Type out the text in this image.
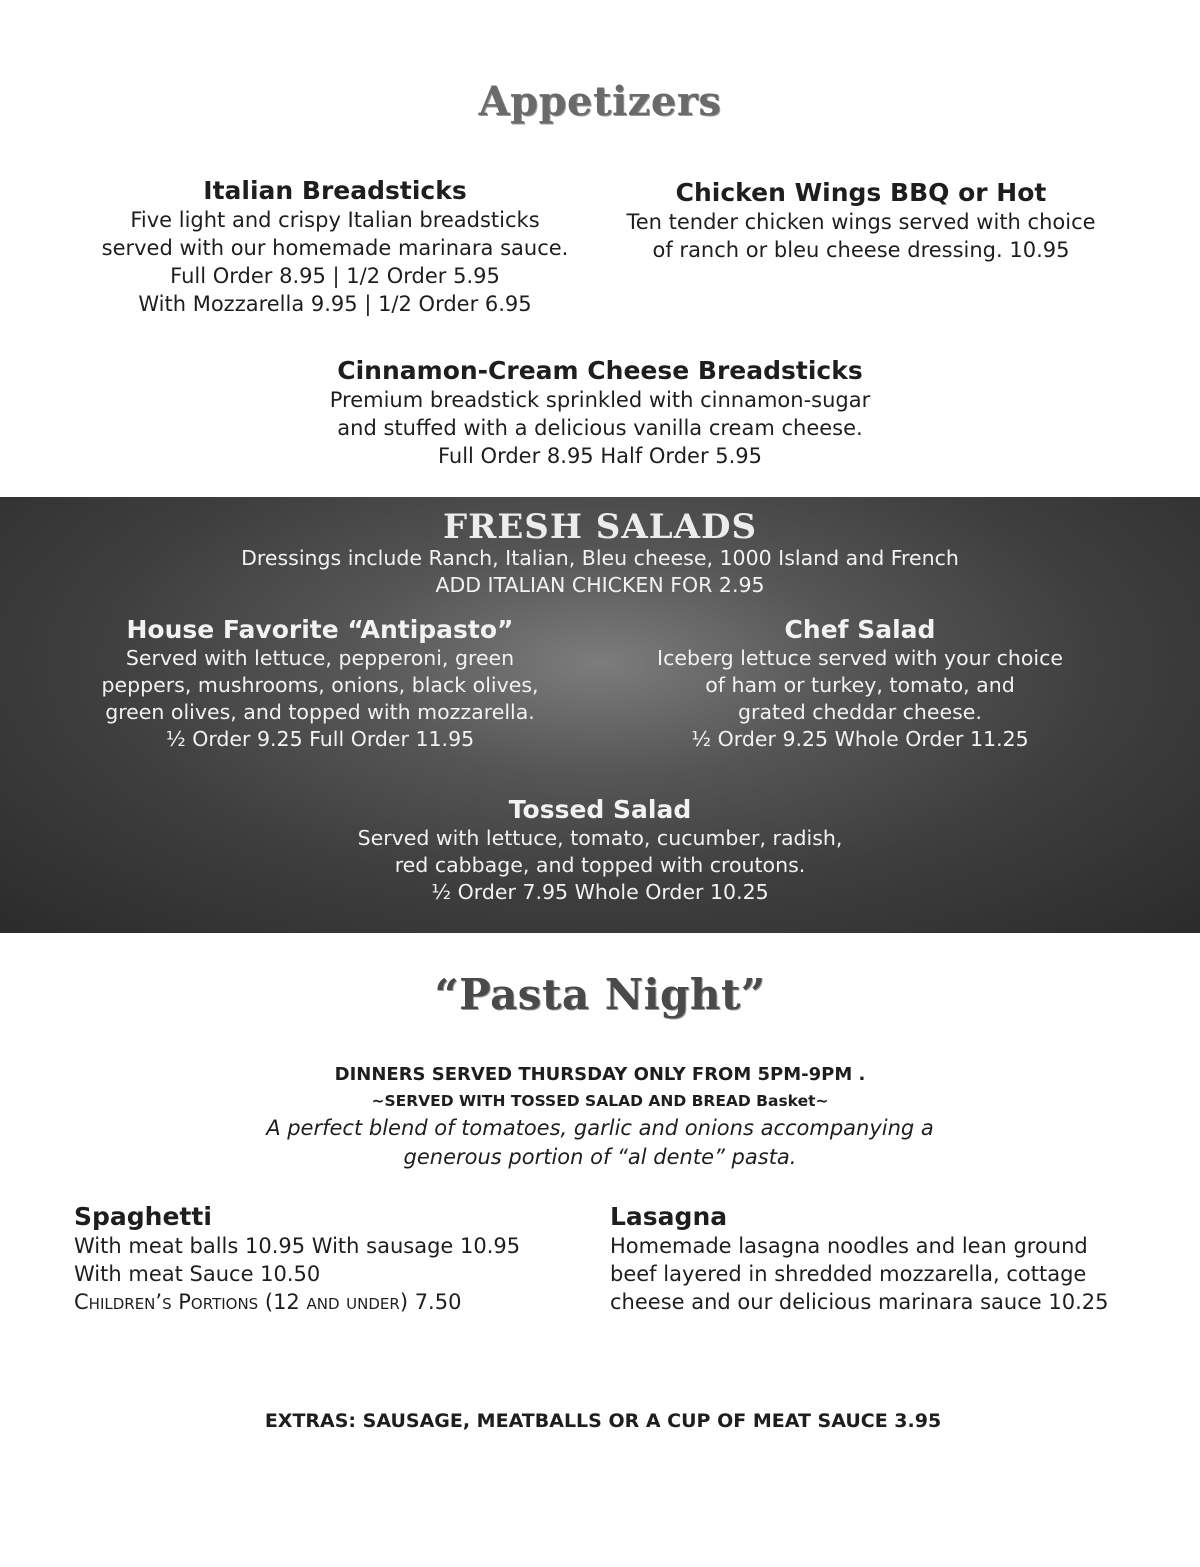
Appetizers
Italian Breadsticks
Five light and crispy Italian breadsticks
served with our homemade marinara sauce.
Full Order 8.95 | 1/2 Order 5.95
With Mozzarella 9.95 | 1/2 Order 6.95
Chicken Wings BBQ or Hot
Ten tender chicken wings served with choice
of ranch or bleu cheese dressing. 10.95
Cinnamon-Cream Cheese Breadsticks
Premium breadstick sprinkled with cinnamon-sugar
and stuffed with a delicious vanilla cream cheese.
Full Order 8.95 Half Order 5.95
FRESH SALADS
Dressings include Ranch, Italian, Bleu cheese, 1000 Island and French
ADD ITALIAN CHICKEN FOR 2.95
House Favorite “Antipasto”
Served with lettuce, pepperoni, green
peppers, mushrooms, onions, black olives,
green olives, and topped with mozzarella.
½ Order 9.25 Full Order 11.95
Chef Salad
Iceberg lettuce served with your choice
of ham or turkey, tomato, and
grated cheddar cheese.
½ Order 9.25 Whole Order 11.25
Tossed Salad
Served with lettuce, tomato, cucumber, radish,
red cabbage, and topped with croutons.
½ Order 7.95 Whole Order 10.25
“Pasta Night”
DINNERS SERVED THURSDAY ONLY FROM 5PM-9PM .
~SERVED WITH TOSSED SALAD AND BREAD Basket~
A perfect blend of tomatoes, garlic and onions accompanying a
generous portion of “al dente” pasta.
Spaghetti
With meat balls 10.95 With sausage 10.95
With meat Sauce 10.50
Children’s Portions (12 and under) 7.50
Lasagna
Homemade lasagna noodles and lean ground
beef layered in shredded mozzarella, cottage
cheese and our delicious marinara sauce 10.25
EXTRAS: SAUSAGE, MEATBALLS OR A CUP OF MEAT SAUCE 3.95
